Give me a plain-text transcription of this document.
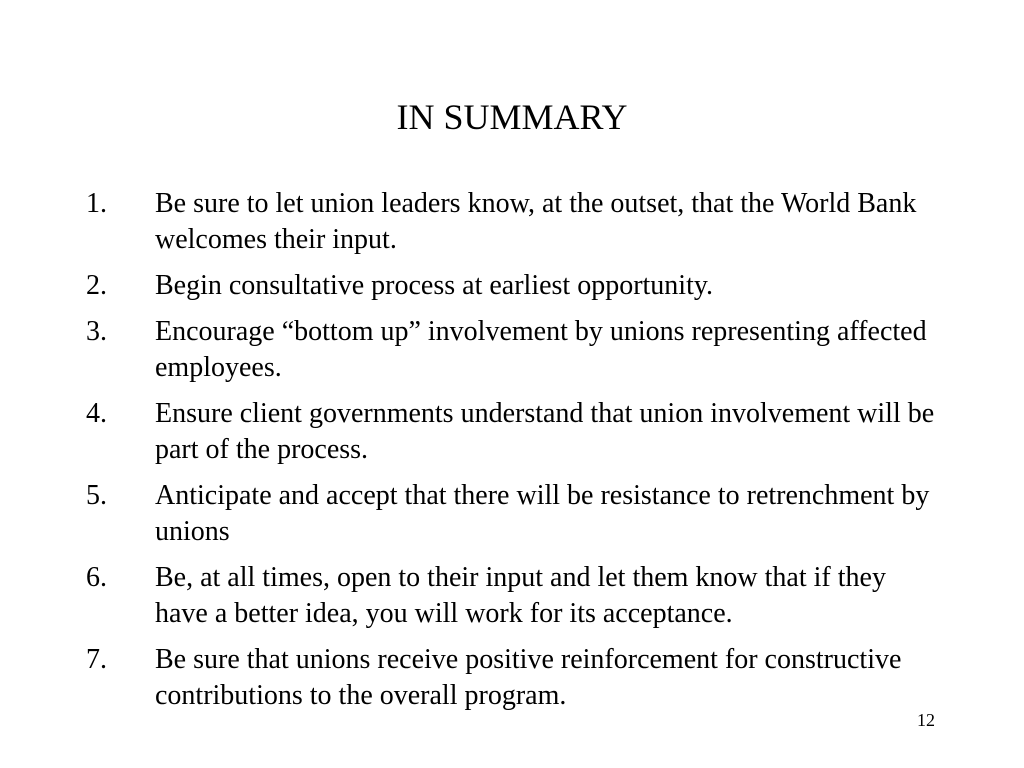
IN SUMMARY
1. Be sure to let union leaders know, at the outset, that the World Bank welcomes their input.
2. Begin consultative process at earliest opportunity.
3. Encourage “bottom up” involvement by unions representing affected employees.
4. Ensure client governments understand that union involvement will be part of the process.
5. Anticipate and accept that there will be resistance to retrenchment by unions
6. Be, at all times, open to their input and let them know that if they have a better idea, you will work for its acceptance.
7. Be sure that unions receive positive reinforcement for constructive contributions to the overall program.
12
